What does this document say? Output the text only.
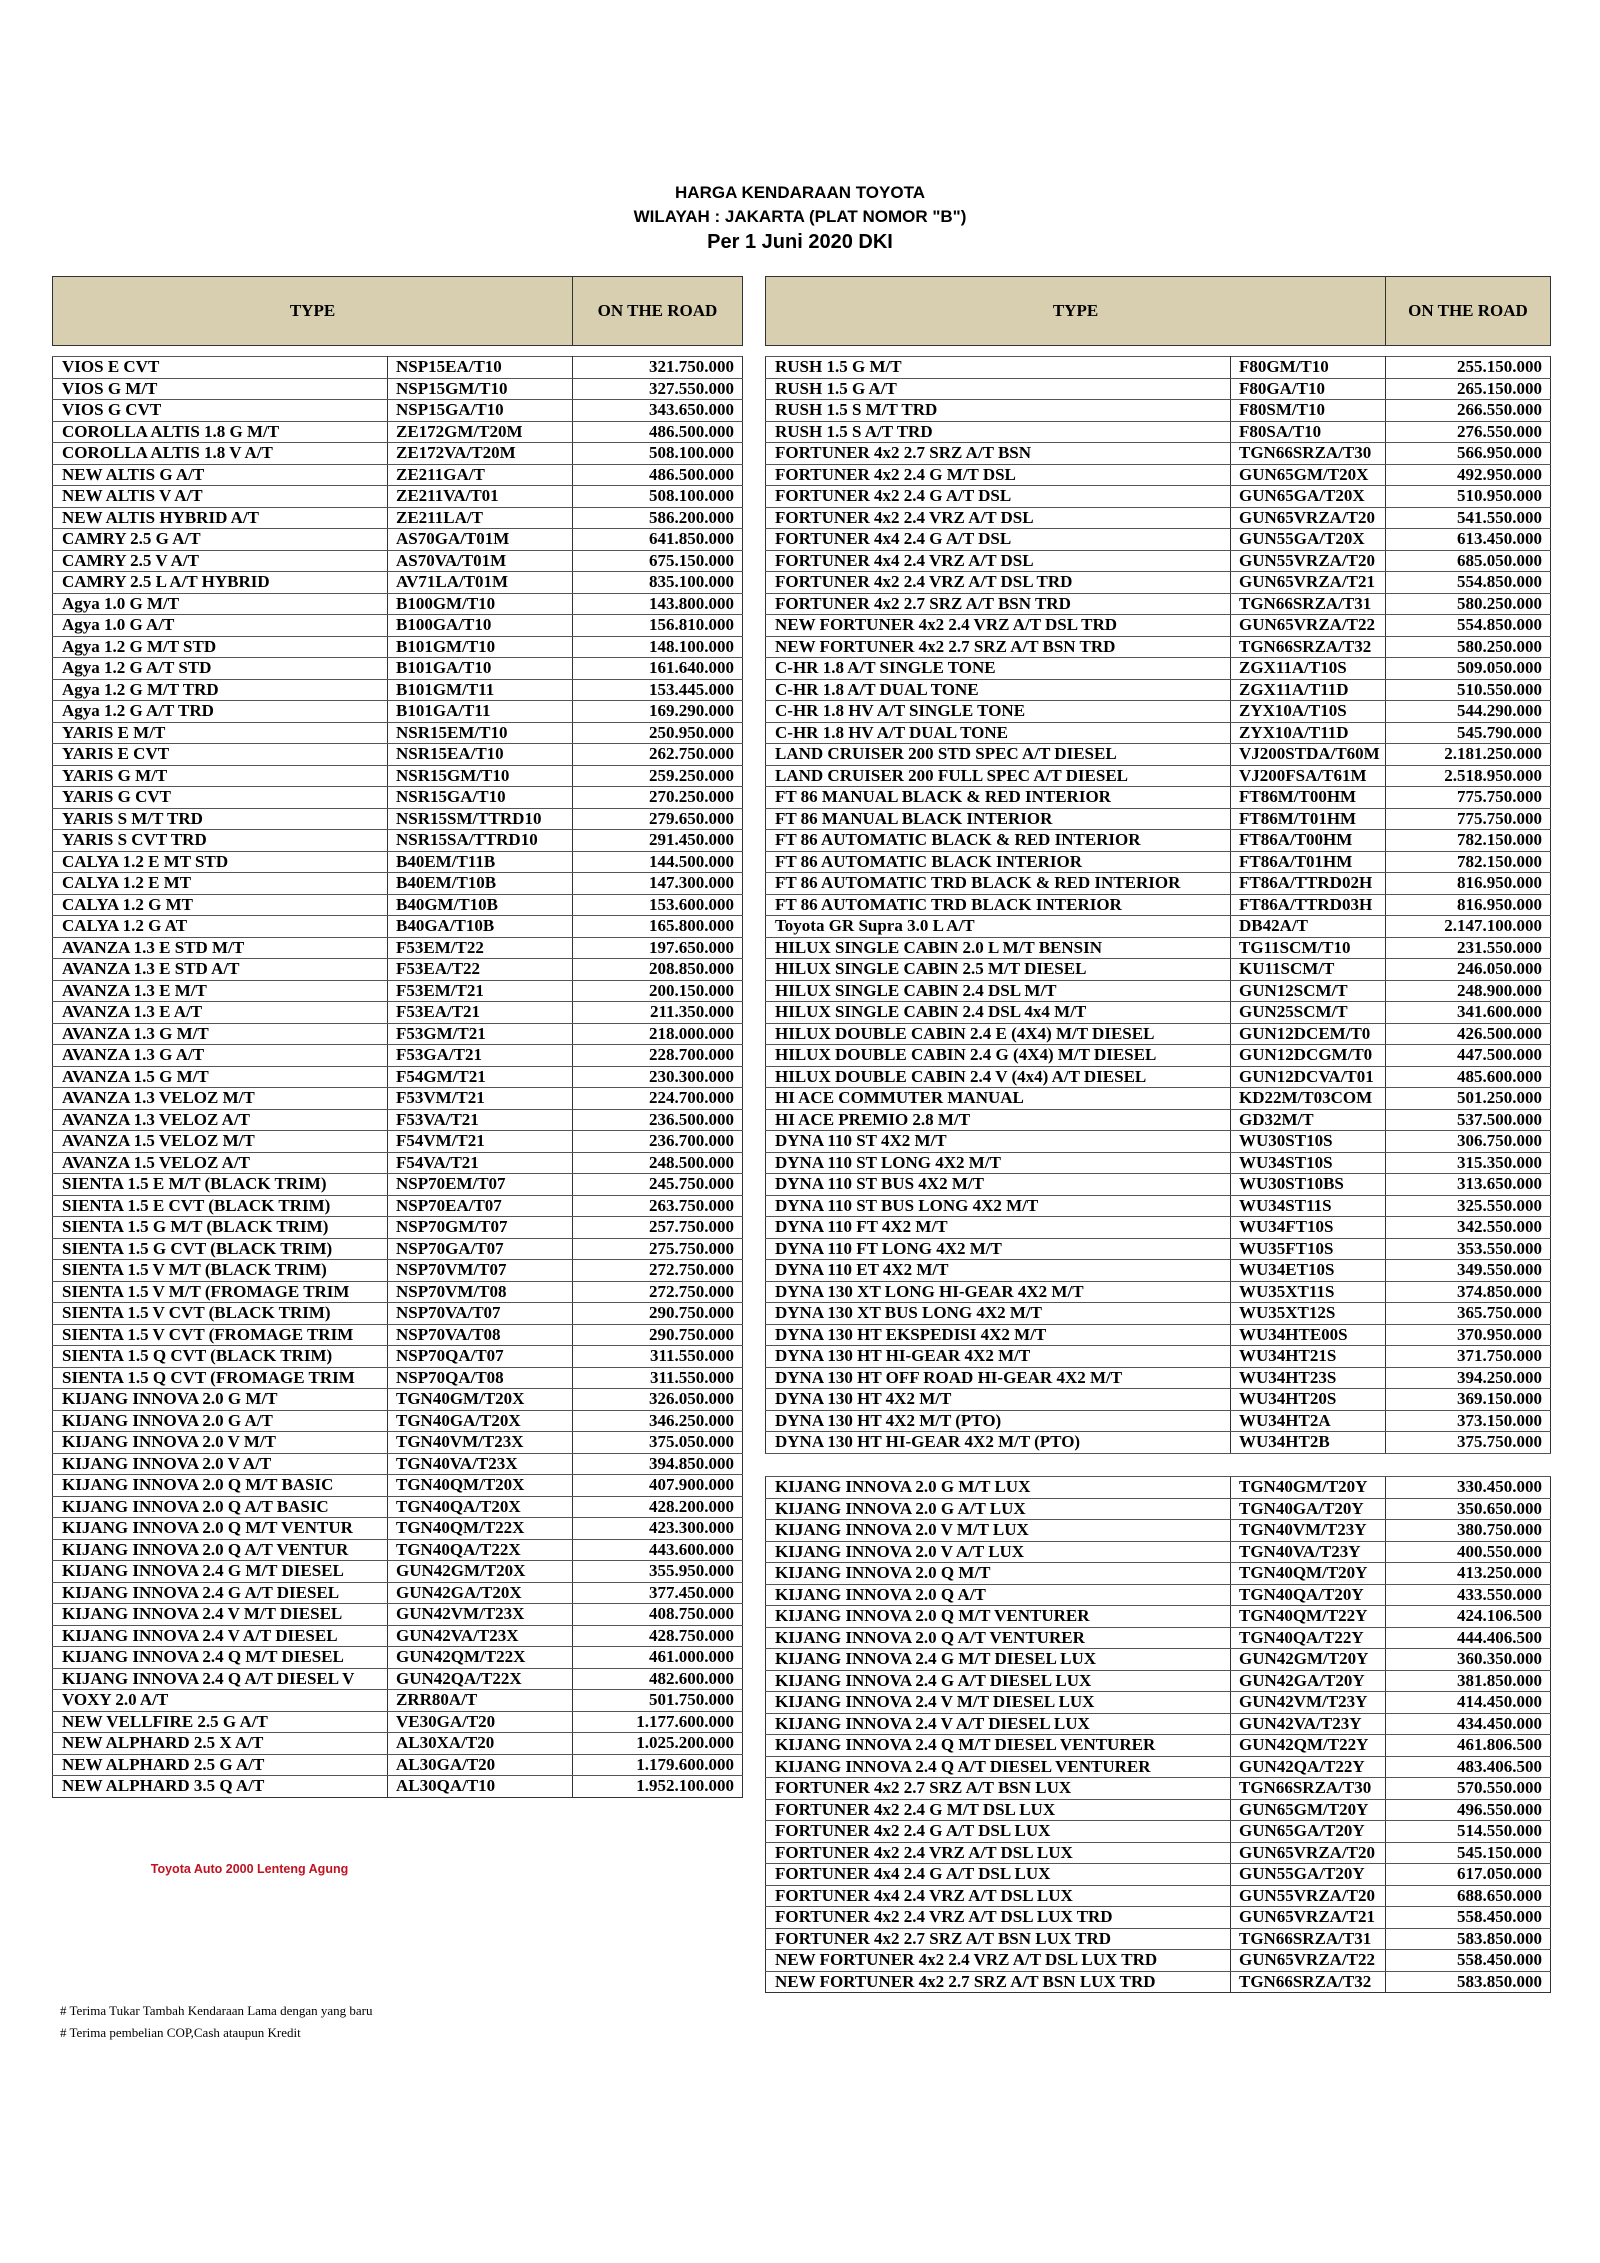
HARGA KENDARAAN TOYOTA
WILAYAH : JAKARTA (PLAT NOMOR "B")
Per 1 Juni 2020 DKI
TYPE		ON THE ROAD

VIOS E CVT	NSP15EA/T10	321.750.000
VIOS G M/T	NSP15GM/T10	327.550.000
VIOS G CVT	NSP15GA/T10	343.650.000
COROLLA ALTIS 1.8 G M/T	ZE172GM/T20M	486.500.000
COROLLA ALTIS 1.8 V A/T	ZE172VA/T20M	508.100.000
NEW ALTIS G A/T	ZE211GA/T	486.500.000
NEW ALTIS V A/T	ZE211VA/T01	508.100.000
NEW ALTIS HYBRID A/T	ZE211LA/T	586.200.000
CAMRY 2.5 G A/T	AS70GA/T01M	641.850.000
CAMRY 2.5 V A/T	AS70VA/T01M	675.150.000
CAMRY 2.5 L A/T HYBRID	AV71LA/T01M	835.100.000
Agya 1.0 G M/T	B100GM/T10	143.800.000
Agya 1.0 G A/T	B100GA/T10	156.810.000
Agya 1.2 G M/T STD	B101GM/T10	148.100.000
Agya 1.2 G A/T STD	B101GA/T10	161.640.000
Agya 1.2 G M/T TRD	B101GM/T11	153.445.000
Agya 1.2 G A/T TRD	B101GA/T11	169.290.000
YARIS E M/T	NSR15EM/T10	250.950.000
YARIS E CVT	NSR15EA/T10	262.750.000
YARIS G M/T	NSR15GM/T10	259.250.000
YARIS G CVT	NSR15GA/T10	270.250.000
YARIS S M/T TRD	NSR15SM/TTRD10	279.650.000
YARIS S CVT TRD	NSR15SA/TTRD10	291.450.000
CALYA 1.2 E MT STD	B40EM/T11B	144.500.000
CALYA 1.2 E MT	B40EM/T10B	147.300.000
CALYA 1.2 G MT	B40GM/T10B	153.600.000
CALYA 1.2 G AT	B40GA/T10B	165.800.000
AVANZA 1.3 E STD M/T	F53EM/T22	197.650.000
AVANZA 1.3 E STD A/T	F53EA/T22	208.850.000
AVANZA 1.3 E M/T	F53EM/T21	200.150.000
AVANZA 1.3 E A/T	F53EA/T21	211.350.000
AVANZA 1.3 G M/T	F53GM/T21	218.000.000
AVANZA 1.3 G A/T	F53GA/T21	228.700.000
AVANZA 1.5 G M/T	F54GM/T21	230.300.000
AVANZA 1.3 VELOZ M/T	F53VM/T21	224.700.000
AVANZA 1.3 VELOZ A/T	F53VA/T21	236.500.000
AVANZA 1.5 VELOZ M/T	F54VM/T21	236.700.000
AVANZA 1.5 VELOZ A/T	F54VA/T21	248.500.000
SIENTA 1.5 E M/T (BLACK TRIM)	NSP70EM/T07	245.750.000
SIENTA 1.5 E CVT (BLACK TRIM)	NSP70EA/T07	263.750.000
SIENTA 1.5 G M/T (BLACK TRIM)	NSP70GM/T07	257.750.000
SIENTA 1.5 G CVT (BLACK TRIM)	NSP70GA/T07	275.750.000
SIENTA 1.5 V M/T (BLACK TRIM)	NSP70VM/T07	272.750.000
SIENTA 1.5 V M/T (FROMAGE TRIM	NSP70VM/T08	272.750.000
SIENTA 1.5 V CVT (BLACK TRIM)	NSP70VA/T07	290.750.000
SIENTA 1.5 V CVT (FROMAGE TRIM	NSP70VA/T08	290.750.000
SIENTA 1.5 Q CVT (BLACK TRIM)	NSP70QA/T07	311.550.000
SIENTA 1.5 Q CVT (FROMAGE TRIM	NSP70QA/T08	311.550.000
KIJANG INNOVA 2.0 G M/T	TGN40GM/T20X	326.050.000
KIJANG INNOVA 2.0 G A/T	TGN40GA/T20X	346.250.000
KIJANG INNOVA 2.0 V M/T	TGN40VM/T23X	375.050.000
KIJANG INNOVA 2.0 V A/T	TGN40VA/T23X	394.850.000
KIJANG INNOVA 2.0 Q M/T BASIC	TGN40QM/T20X	407.900.000
KIJANG INNOVA 2.0 Q A/T BASIC	TGN40QA/T20X	428.200.000
KIJANG INNOVA 2.0 Q M/T VENTUR	TGN40QM/T22X	423.300.000
KIJANG INNOVA 2.0 Q A/T VENTUR	TGN40QA/T22X	443.600.000
KIJANG INNOVA 2.4 G M/T DIESEL	GUN42GM/T20X	355.950.000
KIJANG INNOVA 2.4 G A/T DIESEL	GUN42GA/T20X	377.450.000
KIJANG INNOVA 2.4 V M/T DIESEL	GUN42VM/T23X	408.750.000
KIJANG INNOVA 2.4 V A/T DIESEL	GUN42VA/T23X	428.750.000
KIJANG INNOVA 2.4 Q M/T DIESEL	GUN42QM/T22X	461.000.000
KIJANG INNOVA 2.4 Q A/T DIESEL V	GUN42QA/T22X	482.600.000
VOXY 2.0 A/T	ZRR80A/T	501.750.000
NEW VELLFIRE 2.5 G A/T	VE30GA/T20	1.177.600.000
NEW ALPHARD 2.5 X A/T	AL30XA/T20	1.025.200.000
NEW ALPHARD 2.5 G A/T	AL30GA/T20	1.179.600.000
NEW ALPHARD 3.5 Q A/T	AL30QA/T10	1.952.100.000
TYPE		ON THE ROAD

RUSH 1.5 G M/T	F80GM/T10	255.150.000
RUSH 1.5 G A/T	F80GA/T10	265.150.000
RUSH 1.5 S M/T TRD	F80SM/T10	266.550.000
RUSH 1.5 S A/T TRD	F80SA/T10	276.550.000
FORTUNER 4x2 2.7 SRZ A/T BSN	TGN66SRZA/T30	566.950.000
FORTUNER 4x2 2.4 G M/T DSL	GUN65GM/T20X	492.950.000
FORTUNER 4x2 2.4 G A/T DSL	GUN65GA/T20X	510.950.000
FORTUNER 4x2 2.4 VRZ A/T DSL	GUN65VRZA/T20	541.550.000
FORTUNER 4x4 2.4 G A/T DSL	GUN55GA/T20X	613.450.000
FORTUNER 4x4 2.4 VRZ A/T DSL	GUN55VRZA/T20	685.050.000
FORTUNER 4x2 2.4 VRZ A/T DSL TRD	GUN65VRZA/T21	554.850.000
FORTUNER 4x2 2.7 SRZ A/T BSN TRD	TGN66SRZA/T31	580.250.000
NEW FORTUNER 4x2 2.4 VRZ A/T DSL TRD	GUN65VRZA/T22	554.850.000
NEW FORTUNER 4x2 2.7 SRZ A/T BSN TRD	TGN66SRZA/T32	580.250.000
C-HR 1.8 A/T SINGLE TONE	ZGX11A/T10S	509.050.000
C-HR 1.8 A/T DUAL TONE	ZGX11A/T11D	510.550.000
C-HR 1.8 HV A/T SINGLE TONE	ZYX10A/T10S	544.290.000
C-HR 1.8 HV A/T DUAL TONE	ZYX10A/T11D	545.790.000
LAND CRUISER 200 STD SPEC A/T DIESEL	VJ200STDA/T60M	2.181.250.000
LAND CRUISER 200 FULL SPEC A/T DIESEL	VJ200FSA/T61M	2.518.950.000
FT 86 MANUAL BLACK & RED INTERIOR	FT86M/T00HM	775.750.000
FT 86 MANUAL BLACK INTERIOR	FT86M/T01HM	775.750.000
FT 86 AUTOMATIC BLACK & RED INTERIOR	FT86A/T00HM	782.150.000
FT 86 AUTOMATIC BLACK INTERIOR	FT86A/T01HM	782.150.000
FT 86 AUTOMATIC TRD BLACK & RED INTERIOR	FT86A/TTRD02H	816.950.000
FT 86 AUTOMATIC TRD BLACK INTERIOR	FT86A/TTRD03H	816.950.000
Toyota GR Supra 3.0 L A/T	DB42A/T	2.147.100.000
HILUX SINGLE CABIN 2.0 L M/T BENSIN	TG11SCM/T10	231.550.000
HILUX SINGLE CABIN 2.5 M/T DIESEL	KU11SCM/T	246.050.000
HILUX SINGLE CABIN 2.4 DSL M/T	GUN12SCM/T	248.900.000
HILUX SINGLE CABIN 2.4 DSL 4x4 M/T	GUN25SCM/T	341.600.000
HILUX DOUBLE CABIN 2.4 E (4X4) M/T DIESEL	GUN12DCEM/T0	426.500.000
HILUX DOUBLE CABIN 2.4 G (4X4) M/T DIESEL	GUN12DCGM/T0	447.500.000
HILUX DOUBLE CABIN 2.4 V (4x4) A/T DIESEL	GUN12DCVA/T01	485.600.000
HI ACE COMMUTER MANUAL	KD22M/T03COM	501.250.000
HI ACE PREMIO 2.8 M/T	GD32M/T	537.500.000
DYNA 110 ST 4X2 M/T	WU30ST10S	306.750.000
DYNA 110 ST LONG 4X2 M/T	WU34ST10S	315.350.000
DYNA 110 ST BUS 4X2 M/T	WU30ST10BS	313.650.000
DYNA 110 ST BUS LONG 4X2 M/T	WU34ST11S	325.550.000
DYNA 110 FT 4X2 M/T	WU34FT10S	342.550.000
DYNA 110 FT LONG 4X2 M/T	WU35FT10S	353.550.000
DYNA 110 ET 4X2 M/T	WU34ET10S	349.550.000
DYNA 130 XT LONG HI-GEAR 4X2 M/T	WU35XT11S	374.850.000
DYNA 130 XT BUS LONG 4X2 M/T	WU35XT12S	365.750.000
DYNA 130 HT EKSPEDISI 4X2 M/T	WU34HTE00S	370.950.000
DYNA 130 HT HI-GEAR 4X2 M/T	WU34HT21S	371.750.000
DYNA 130 HT OFF ROAD HI-GEAR 4X2 M/T	WU34HT23S	394.250.000
DYNA 130 HT 4X2 M/T	WU34HT20S	369.150.000
DYNA 130 HT 4X2 M/T (PTO)	WU34HT2A	373.150.000
DYNA 130 HT HI-GEAR 4X2 M/T (PTO)	WU34HT2B	375.750.000

KIJANG INNOVA 2.0 G M/T LUX	TGN40GM/T20Y	330.450.000
KIJANG INNOVA 2.0 G A/T LUX	TGN40GA/T20Y	350.650.000
KIJANG INNOVA 2.0 V M/T LUX	TGN40VM/T23Y	380.750.000
KIJANG INNOVA 2.0 V A/T LUX	TGN40VA/T23Y	400.550.000
KIJANG INNOVA 2.0 Q M/T	TGN40QM/T20Y	413.250.000
KIJANG INNOVA 2.0 Q A/T	TGN40QA/T20Y	433.550.000
KIJANG INNOVA 2.0 Q M/T VENTURER	TGN40QM/T22Y	424.106.500
KIJANG INNOVA 2.0 Q A/T VENTURER	TGN40QA/T22Y	444.406.500
KIJANG INNOVA 2.4 G M/T DIESEL LUX	GUN42GM/T20Y	360.350.000
KIJANG INNOVA 2.4 G A/T DIESEL LUX	GUN42GA/T20Y	381.850.000
KIJANG INNOVA 2.4 V M/T DIESEL LUX	GUN42VM/T23Y	414.450.000
KIJANG INNOVA 2.4 V A/T DIESEL LUX	GUN42VA/T23Y	434.450.000
KIJANG INNOVA 2.4 Q M/T DIESEL VENTURER	GUN42QM/T22Y	461.806.500
KIJANG INNOVA 2.4 Q A/T DIESEL VENTURER	GUN42QA/T22Y	483.406.500
FORTUNER 4x2 2.7 SRZ A/T BSN LUX	TGN66SRZA/T30	570.550.000
FORTUNER 4x2 2.4 G M/T DSL LUX	GUN65GM/T20Y	496.550.000
FORTUNER 4x2 2.4 G A/T DSL LUX	GUN65GA/T20Y	514.550.000
FORTUNER 4x2 2.4 VRZ A/T DSL LUX	GUN65VRZA/T20	545.150.000
FORTUNER 4x4 2.4 G A/T DSL LUX	GUN55GA/T20Y	617.050.000
FORTUNER 4x4 2.4 VRZ A/T DSL LUX	GUN55VRZA/T20	688.650.000
FORTUNER 4x2 2.4 VRZ A/T DSL LUX TRD	GUN65VRZA/T21	558.450.000
FORTUNER 4x2 2.7 SRZ A/T BSN LUX TRD	TGN66SRZA/T31	583.850.000
NEW FORTUNER 4x2 2.4 VRZ A/T DSL LUX TRD	GUN65VRZA/T22	558.450.000
NEW FORTUNER 4x2 2.7 SRZ A/T BSN LUX TRD	TGN66SRZA/T32	583.850.000
Toyota Auto 2000 Lenteng Agung
# Terima Tukar Tambah Kendaraan Lama dengan yang baru
# Terima pembelian COP,Cash ataupun Kredit
